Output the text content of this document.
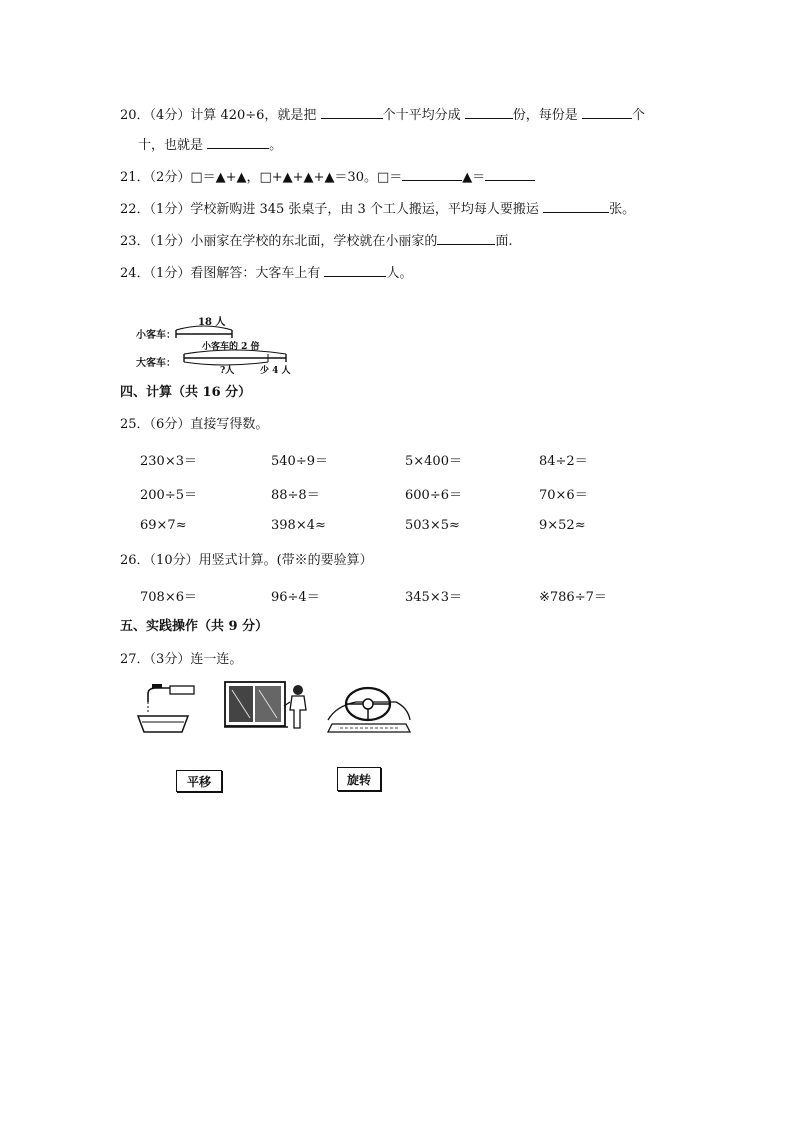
20．（4分）计算 420÷6，就是把	个十平均分成	份，每份是	个
十，也就是	。
21．（2分）□＝▲+▲，□+▲+▲+▲＝30。□＝	▲＝
22．（1分）学校新购进 345 张桌子，由 3 个工人搬运，平均每人要搬运	张。
23．（1分）小丽家在学校的东北面，学校就在小丽家的	面.
24．（1分）看图解答：大客车上有	人。
小客车：
大客车：
18 人
小客车的 2 倍
?人	少 4 人
四、计算（共 16 分）
25．（6分）直接写得数。
230×3＝	540÷9＝	5×400＝	84÷2＝
200÷5＝	88÷8＝	600÷6＝	70×6＝
69×7≈	398×4≈	503×5≈	9×52≈
26．（10分）用竖式计算。(带※的要验算）
708×6＝	96÷4＝	345×3＝	※786÷7＝
五、实践操作（共 9 分）
27．（3分）连一连。
平移	旋转
